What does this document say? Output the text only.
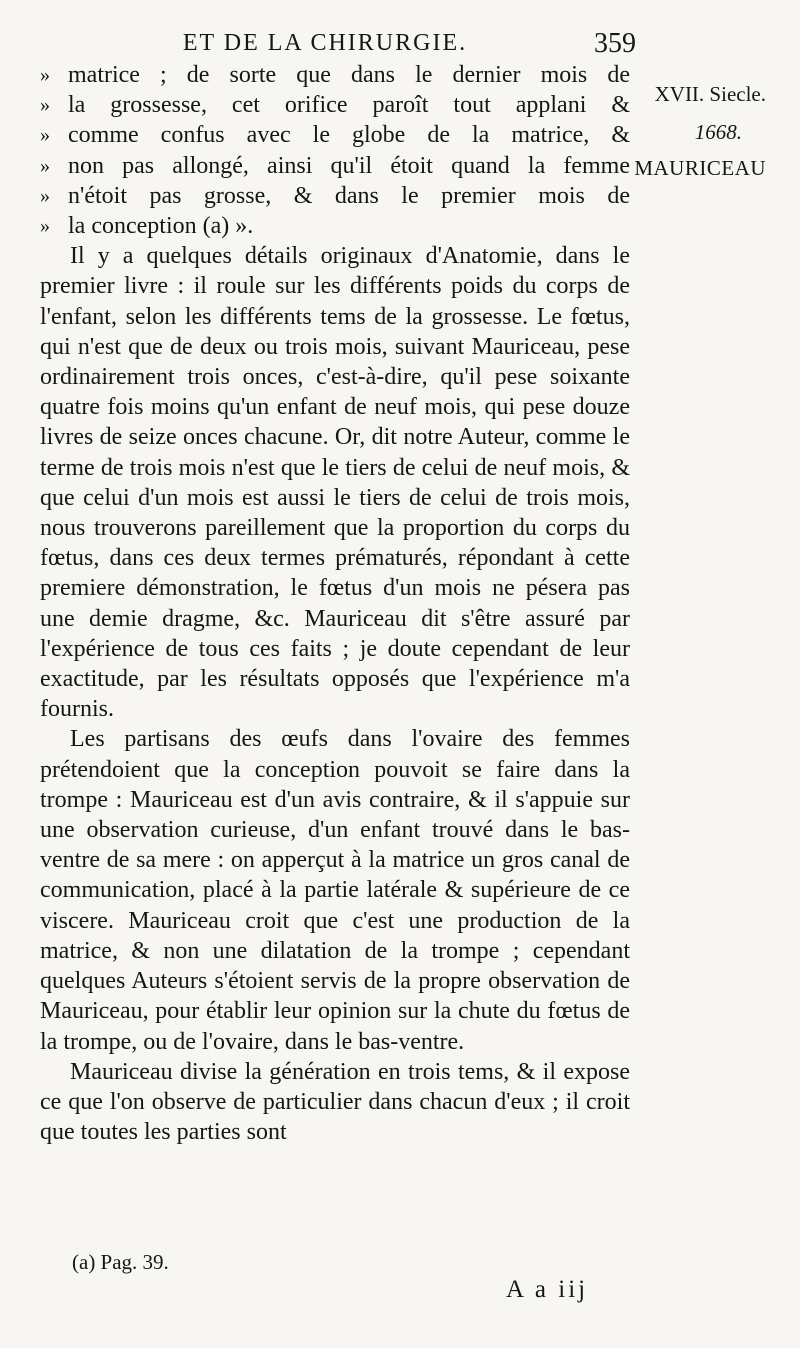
ET DE LA CHIRURGIE.	359
XVII. Siecle.
1668.
MAURICEAU
» matrice ; de sorte que dans le dernier mois de
» la grossesse, cet orifice paroît tout applani &
» comme confus avec le globe de la matrice, &
» non pas allongé, ainsi qu'il étoit quand la femme
» n'étoit pas grosse, & dans le premier mois de
» la conception (a) ».

Il y a quelques détails originaux d'Anatomie, dans le premier livre : il roule sur les différents poids du corps de l'enfant, selon les différents tems de la grossesse. Le fœtus, qui n'est que de deux ou trois mois, suivant Mauriceau, pese ordinairement trois onces, c'est-à-dire, qu'il pese soixante quatre fois moins qu'un enfant de neuf mois, qui pese douze livres de seize onces chacune. Or, dit notre Auteur, comme le terme de trois mois n'est que le tiers de celui de neuf mois, & que celui d'un mois est aussi le tiers de celui de trois mois, nous trouverons pareillement que la proportion du corps du fœtus, dans ces deux termes prématurés, répondant à cette premiere démonstration, le fœtus d'un mois ne pésera pas une demie dragme, &c. Mauriceau dit s'être assuré par l'expérience de tous ces faits ; je doute cependant de leur exactitude, par les résultats opposés que l'expérience m'a fournis.

Les partisans des œufs dans l'ovaire des femmes prétendoient que la conception pouvoit se faire dans la trompe : Mauriceau est d'un avis contraire, & il s'appuie sur une observation curieuse, d'un enfant trouvé dans le bas-ventre de sa mere : on apperçut à la matrice un gros canal de communication, placé à la partie latérale & supérieure de ce viscere. Mauriceau croit que c'est une production de la matrice, & non une dilatation de la trompe ; cependant quelques Auteurs s'étoient servis de la propre observation de Mauriceau, pour établir leur opinion sur la chute du fœtus de la trompe, ou de l'ovaire, dans le bas-ventre.

Mauriceau divise la génération en trois tems, & il expose ce que l'on observe de particulier dans chacun d'eux ; il croit que toutes les parties sont

(a) Pag. 39.
A a iij
